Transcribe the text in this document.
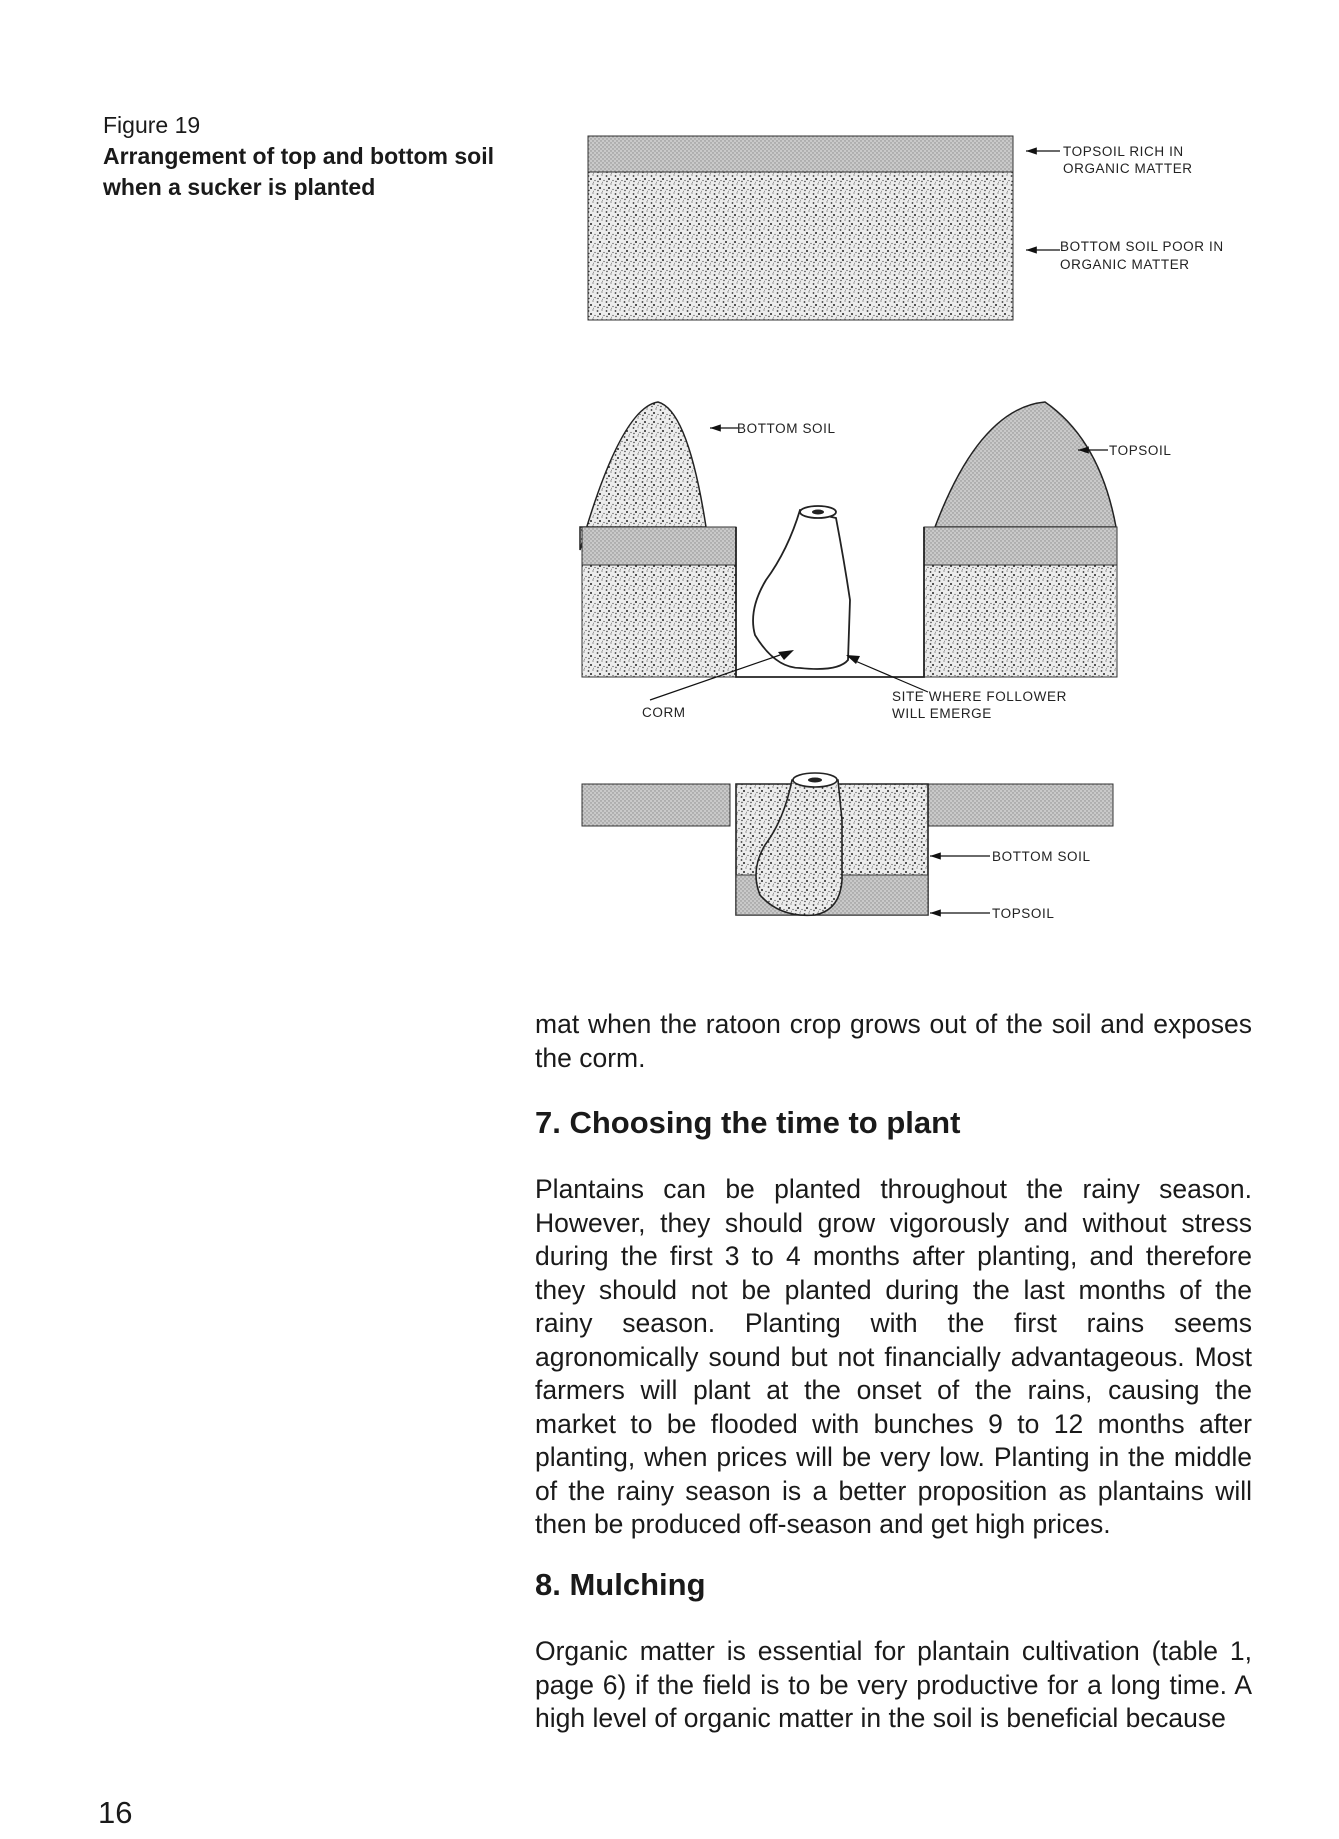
Figure 19
Arrangement of top and bottom soil when a sucker is planted
TOPSOIL RICH IN
ORGANIC MATTER
BOTTOM SOIL POOR IN
ORGANIC MATTER
BOTTOM SOIL
TOPSOIL
CORM
SITE WHERE FOLLOWER
WILL EMERGE
BOTTOM SOIL
TOPSOIL

mat when the ratoon crop grows out of the soil and exposes the corm.

7. Choosing the time to plant

Plantains can be planted throughout the rainy season. However, they should grow vigorously and without stress during the first 3 to 4 months after planting, and therefore they should not be planted during the last months of the rainy season. Planting with the first rains seems agronomically sound but not financially advantageous. Most farmers will plant at the onset of the rains, causing the market to be flooded with bunches 9 to 12 months after planting, when prices will be very low. Planting in the middle of the rainy season is a better proposition as plantains will then be produced off-season and get high prices.

8. Mulching

Organic matter is essential for plantain cultivation (table 1, page 6) if the field is to be very productive for a long time. A high level of organic matter in the soil is beneficial because

16
